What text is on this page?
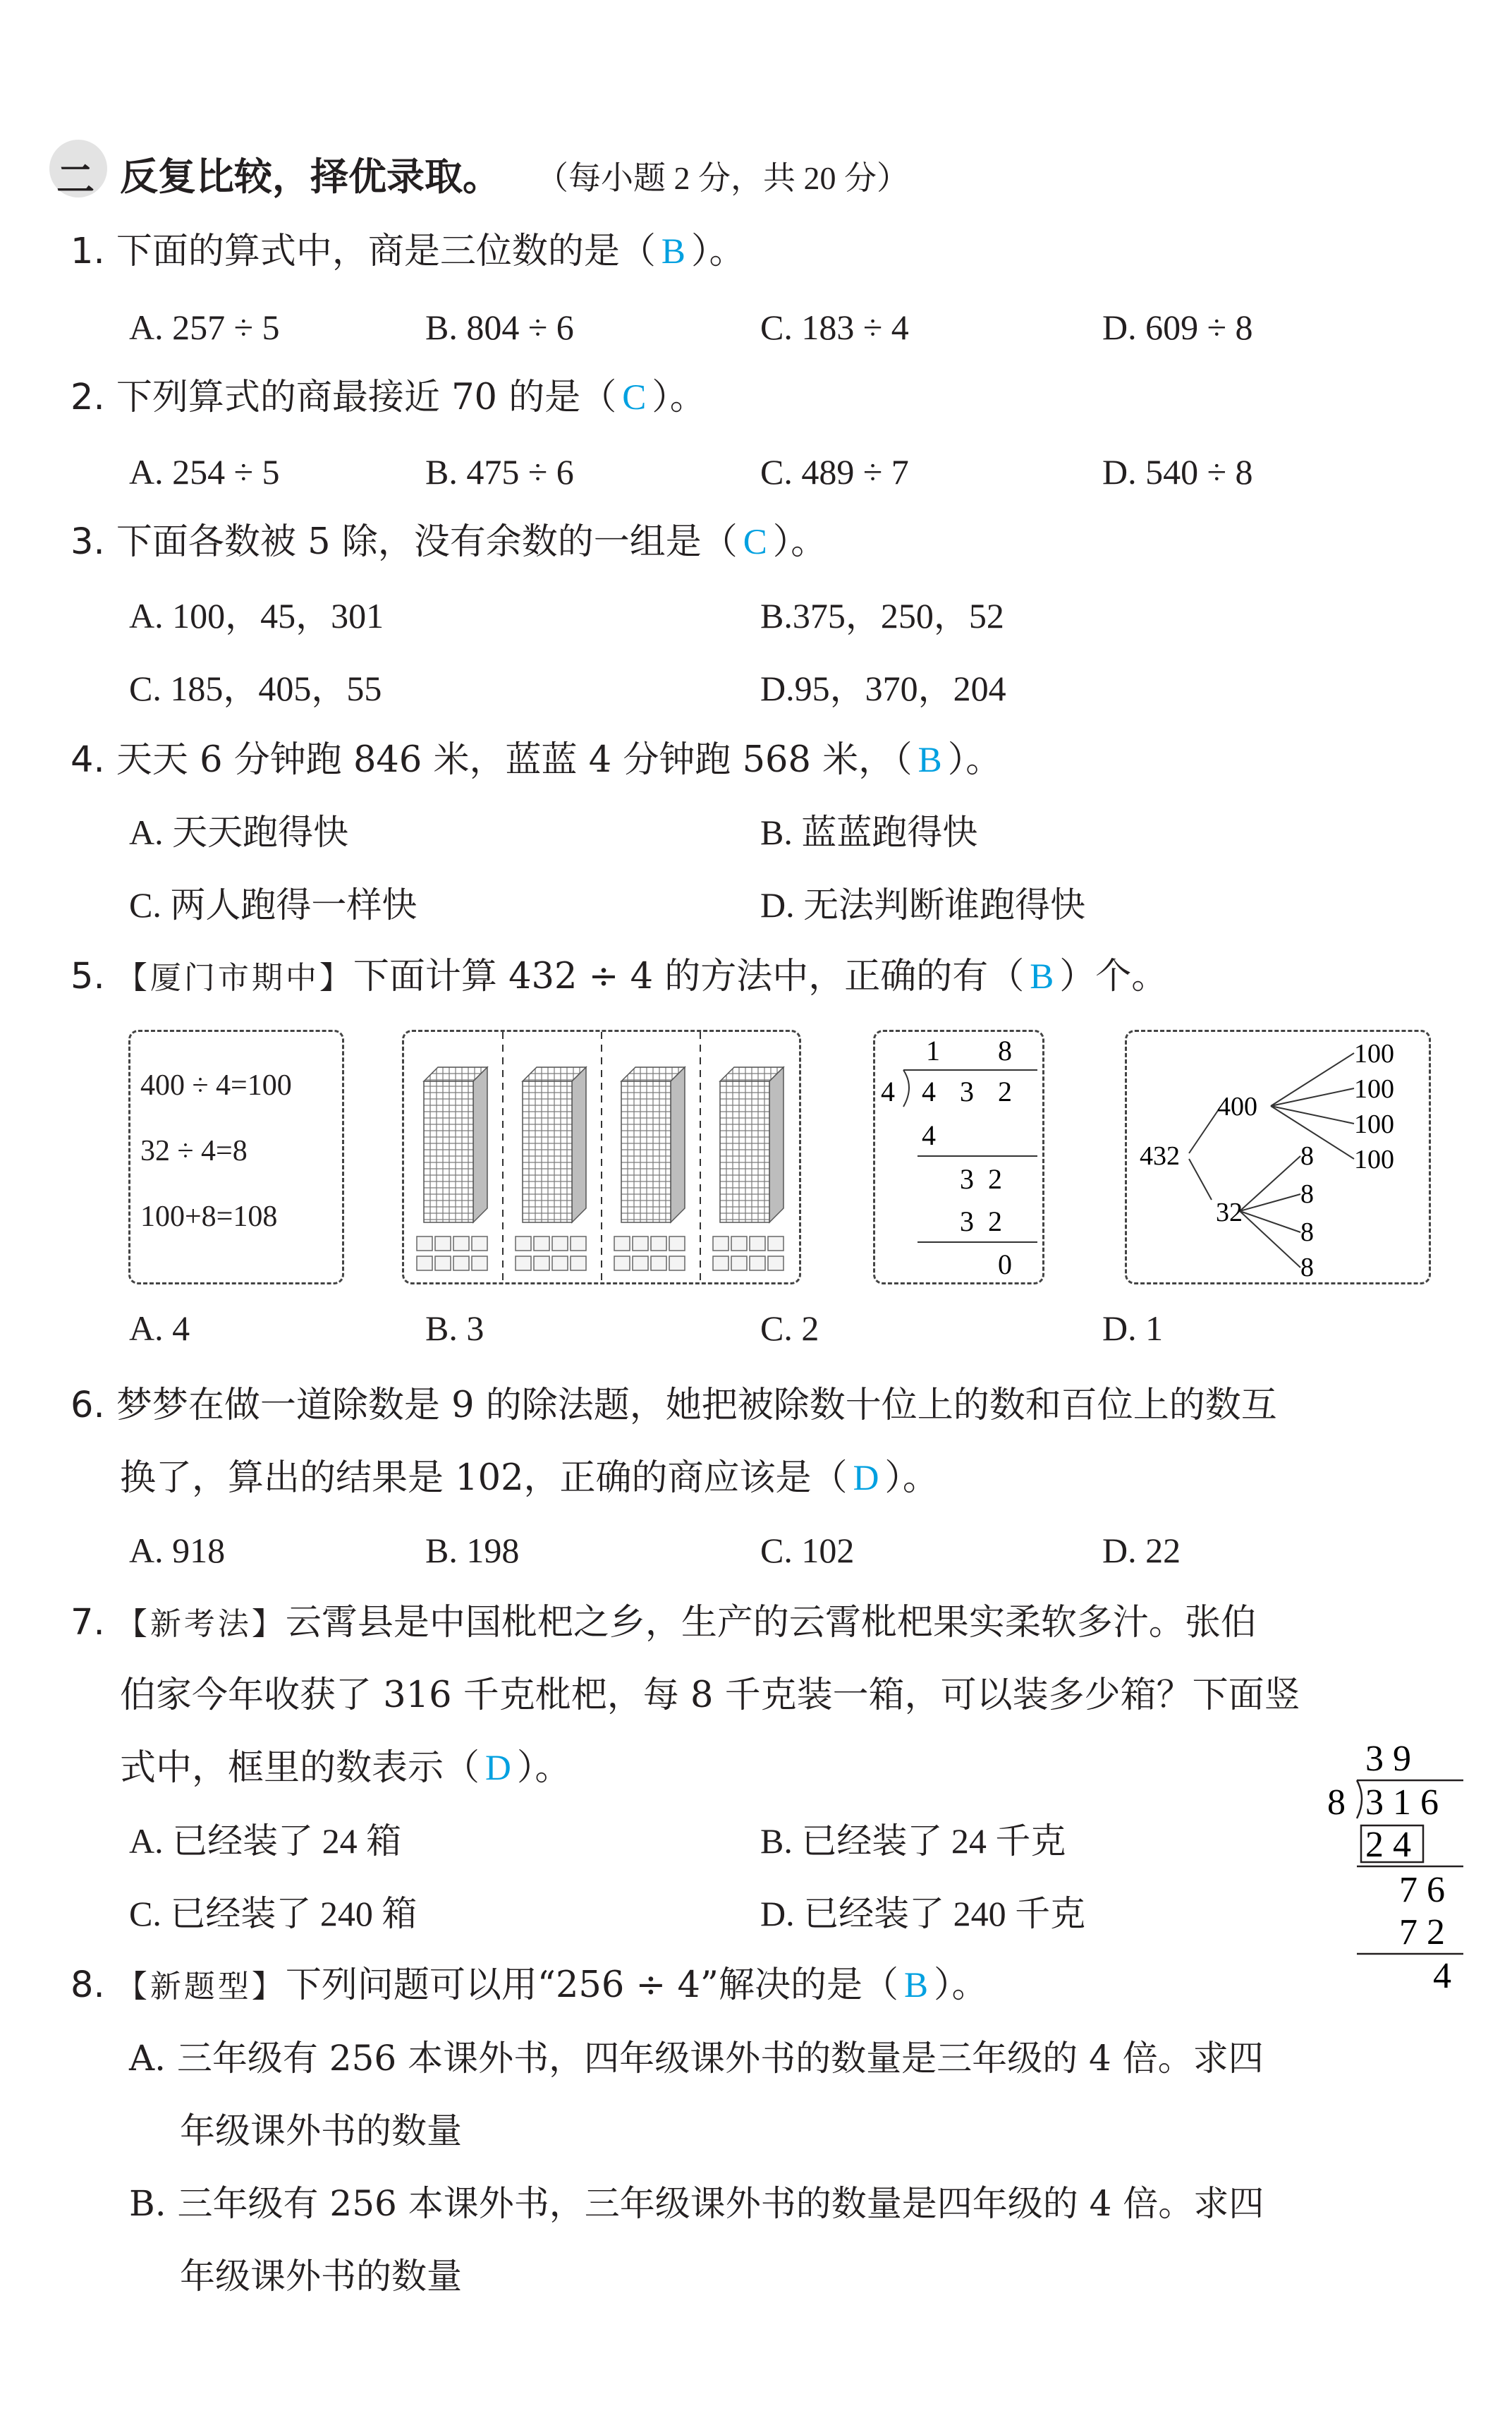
二 反复比较，择优录取。 （每小题 2 分，共 20 分）
1. 下面的算式中，商是三位数的是（ B ）。
A. 257 ÷ 5	B. 804 ÷ 6	C. 183 ÷ 4	D. 609 ÷ 8
2. 下列算式的商最接近 70 的是（ C ）。
A. 254 ÷ 5	B. 475 ÷ 6	C. 489 ÷ 7	D. 540 ÷ 8
3. 下面各数被 5 除，没有余数的一组是（ C ）。
A. 100，45，301	B.375，250，52
C. 185，405，55	D.95，370，204
4. 天天 6 分钟跑 846 米，蓝蓝 4 分钟跑 568 米，（ B ）。
A. 天天跑得快	B. 蓝蓝跑得快
C. 两人跑得一样快	D. 无法判断谁跑得快
5. 【厦门市期中】下面计算 432 ÷ 4 的方法中，正确的有（ B ）个。
400 ÷ 4=100
32 ÷ 4=8
100+8=108
1 8
4 4 3 2
4
3  2
3  2
0
432
400
32
100
100
100
100
8
8
8
8
A. 4	B. 3	C. 2	D. 1
6. 梦梦在做一道除数是 9 的除法题，她把被除数十位上的数和百位上的数互
换了，算出的结果是 102，正确的商应该是（ D ）。
A. 918	B. 198	C. 102	D. 22
7. 【新考法】云霄县是中国枇杷之乡，生产的云霄枇杷果实柔软多汁。张伯
伯家今年收获了 316 千克枇杷，每 8 千克装一箱，可以装多少箱？下面竖
式中，框里的数表示（ D ）。
A. 已经装了 24 箱	B. 已经装了 24 千克
C. 已经装了 240 箱	D. 已经装了 240 千克
3 9
8 3 1 6
2 4
7 6
7 2
4
8. 【新题型】下列问题可以用“256 ÷ 4”解决的是（ B ）。
A. 三年级有 256 本课外书，四年级课外书的数量是三年级的 4 倍。求四
年级课外书的数量
B. 三年级有 256 本课外书，三年级课外书的数量是四年级的 4 倍。求四
年级课外书的数量
